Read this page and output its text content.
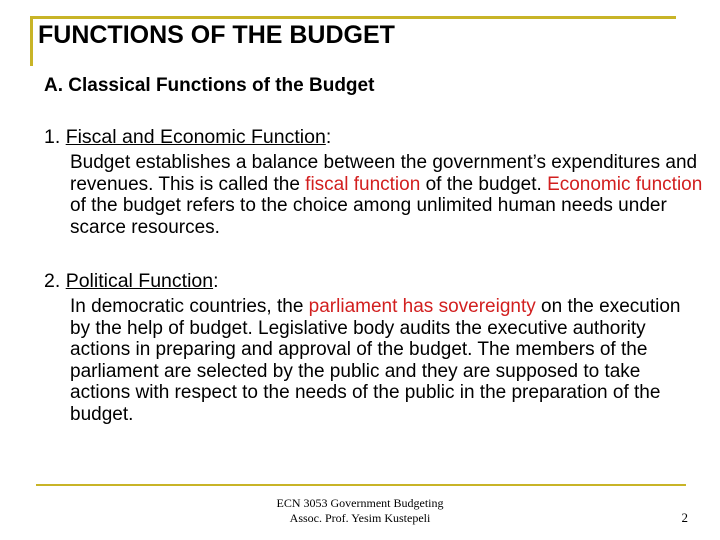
FUNCTIONS OF THE BUDGET
A. Classical Functions of the Budget
1. Fiscal and Economic Function:
Budget establishes a balance between the government’s expenditures and revenues. This is called the fiscal function of the budget. Economic function of the budget refers to the choice among unlimited human needs under scarce resources.
2. Political Function:
In democratic countries, the parliament has sovereignty on the execution by the help of budget. Legislative body audits the executive authority actions in preparing and approval of the budget. The members of the parliament are selected by the public and they are supposed to take actions with respect to the needs of the public in the preparation of the budget.
ECN 3053 Government Budgeting
Assoc. Prof. Yesim Kustepeli	2
